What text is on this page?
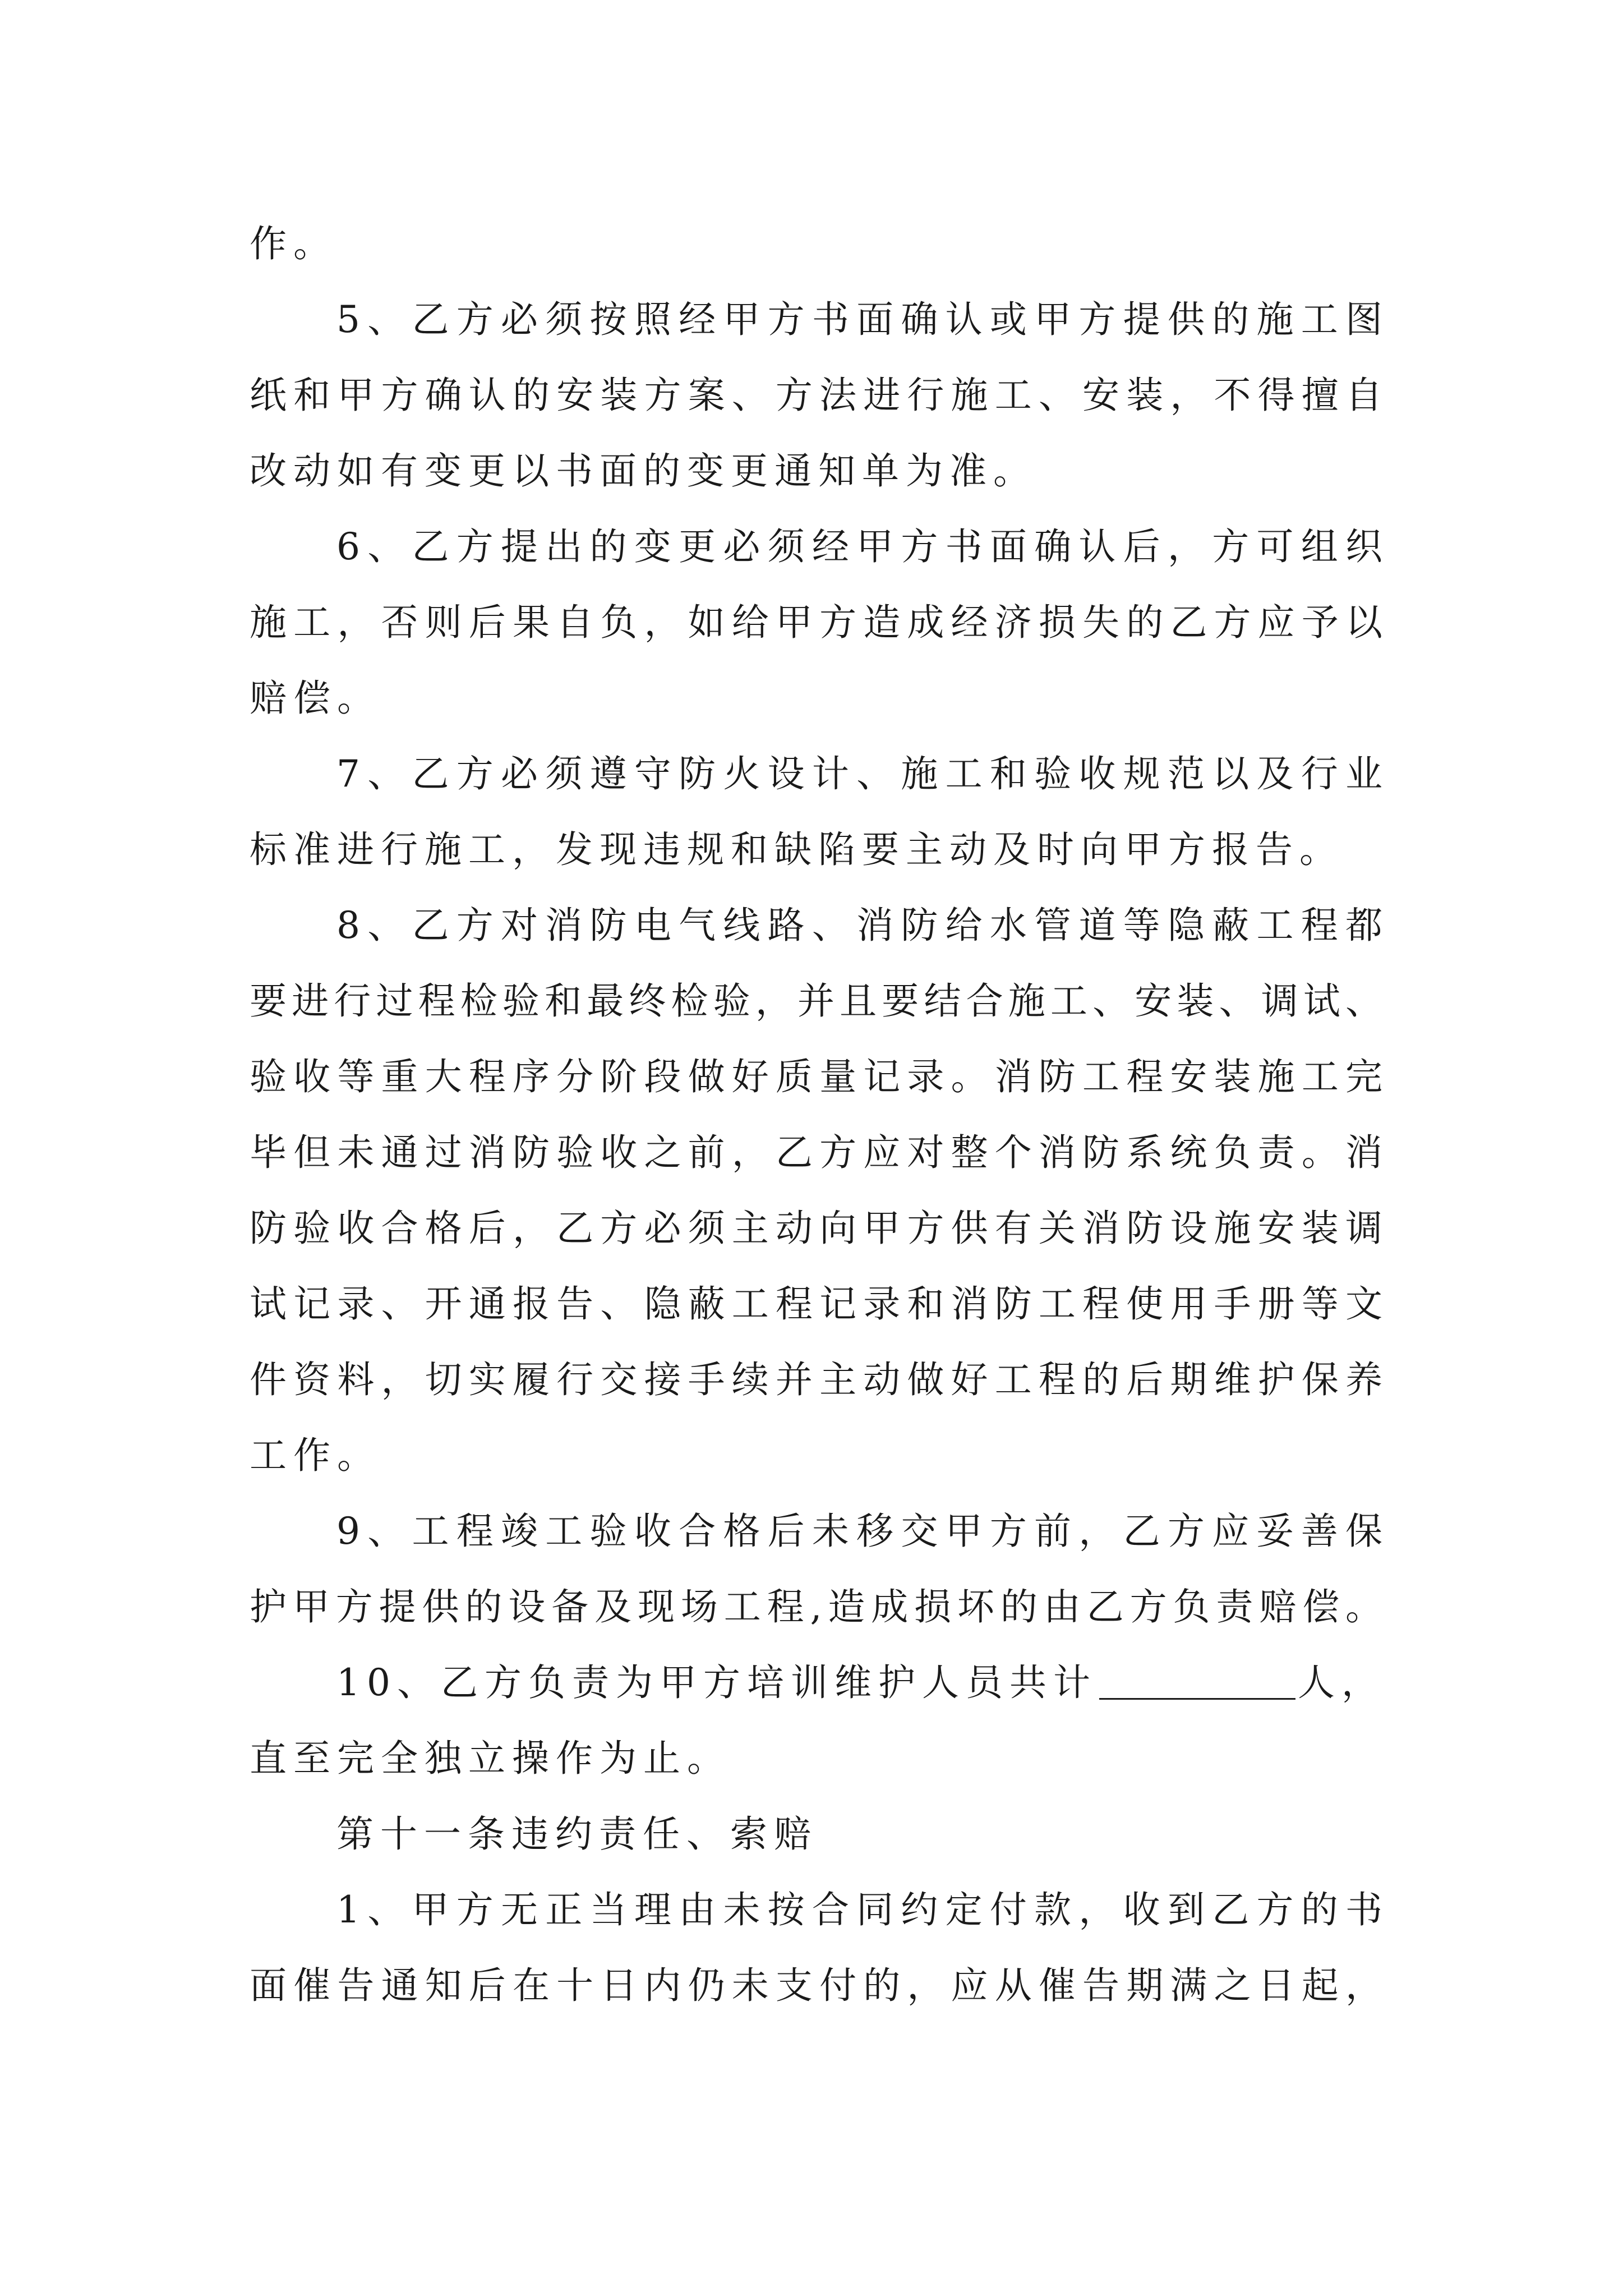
作。
5、乙方必须按照经甲方书面确认或甲方提供的施工图
纸和甲方确认的安装方案、方法进行施工、安装，不得擅自
改动如有变更以书面的变更通知单为准。
6、乙方提出的变更必须经甲方书面确认后，方可组织
施工，否则后果自负，如给甲方造成经济损失的乙方应予以
赔偿。
7、乙方必须遵守防火设计、施工和验收规范以及行业
标准进行施工，发现违规和缺陷要主动及时向甲方报告。
8、乙方对消防电气线路、消防给水管道等隐蔽工程都
要进行过程检验和最终检验，并且要结合施工、安装、调试、
验收等重大程序分阶段做好质量记录。消防工程安装施工完
毕但未通过消防验收之前，乙方应对整个消防系统负责。消
防验收合格后，乙方必须主动向甲方供有关消防设施安装调
试记录、开通报告、隐蔽工程记录和消防工程使用手册等文
件资料，切实履行交接手续并主动做好工程的后期维护保养
工作。
9、工程竣工验收合格后未移交甲方前，乙方应妥善保
护甲方提供的设备及现场工程,造成损坏的由乙方负责赔偿。
10、乙方负责为甲方培训维护人员共计	人，
直至完全独立操作为止。
第十一条违约责任、索赔
1、甲方无正当理由未按合同约定付款，收到乙方的书
面催告通知后在十日内仍未支付的，应从催告期满之日起，
